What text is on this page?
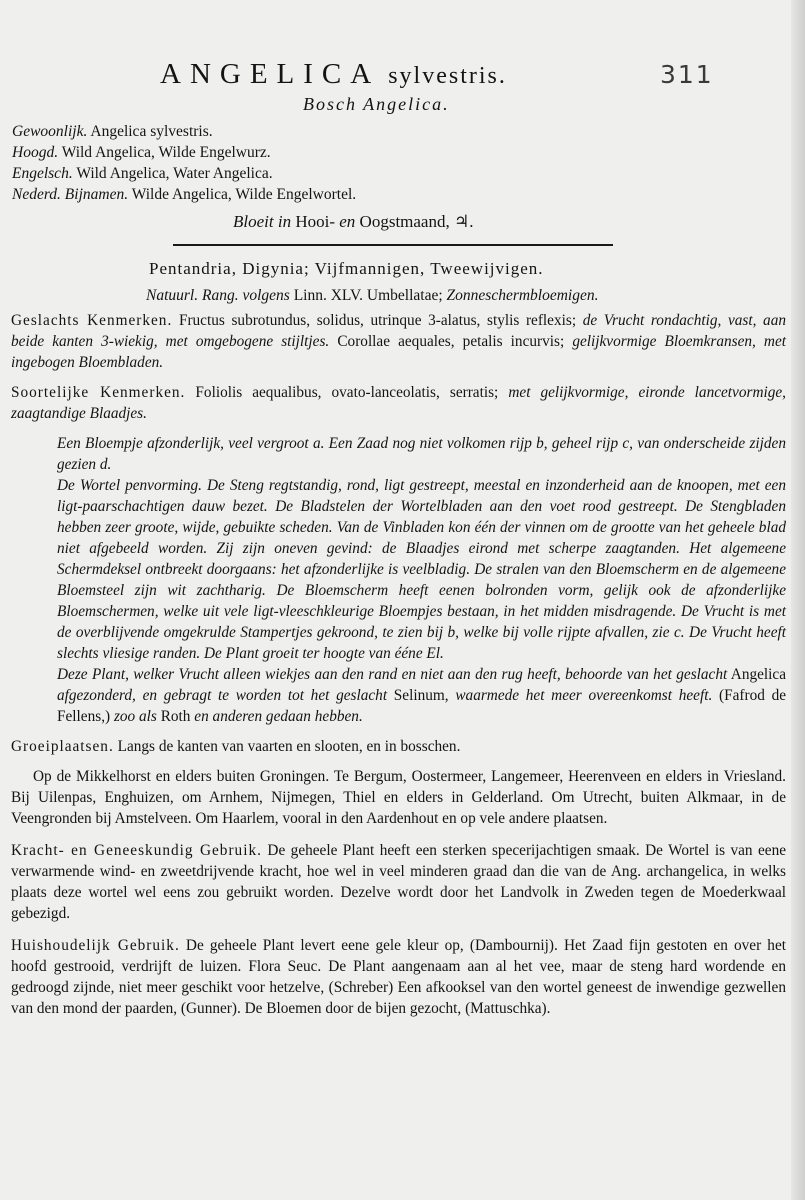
ANGELICA sylvestris.	311
Bosch Angelica.
Gewoonlijk. Angelica sylvestris.
Hoogd. Wild Angelica, Wilde Engelwurz.
Engelsch. Wild Angelica, Water Angelica.
Nederd. Bijnamen. Wilde Angelica, Wilde Engelwortel.
Bloeit in Hooi- en Oogstmaand, ♃.
Pentandria, Digynia; Vijfmannigen, Tweewijvigen.
Natuurl. Rang. volgens Linn. XLV. Umbellatae; Zonneschermbloemigen.

Geslachts Kenmerken. Fructus subrotundus, solidus, utrinque 3-alatus, stylis reflexis; de Vrucht rondachtig, vast, aan beide kanten 3-wiekig, met omgebogene stijltjes. Corollae aequales, petalis incurvis; gelijkvormige Bloemkransen, met ingebogen Bloembladen.

Soortelijke Kenmerken. Foliolis aequalibus, ovato-lanceolatis, serratis; met gelijkvormige, eironde lancetvormige, zaagtandige Blaadjes.

Een Bloempje afzonderlijk, veel vergroot a. Een Zaad nog niet volkomen rijp b, geheel rijp c, van onderscheide zijden gezien d.

De Wortel penvorming. De Steng regtstandig, rond, ligt gestreept, meestal en inzonderheid aan de knoopen, met een ligt-paarschachtigen dauw bezet. De Bladstelen der Wortelbladen aan den voet rood gestreept. De Stengbladen hebben zeer groote, wijde, gebuikte scheden. Van de Vinbladen kon één der vinnen om de grootte van het geheele blad niet afgebeeld worden. Zij zijn oneven gevind: de Blaadjes eirond met scherpe zaagtanden. Het algemeene Schermdeksel ontbreekt doorgaans: het afzonderlijke is veelbladig. De stralen van den Bloemscherm en de algemeene Bloemsteel zijn wit zachtharig. De Bloemscherm heeft eenen bolronden vorm, gelijk ook de afzonderlijke Bloemschermen, welke uit vele ligt-vleeschkleurige Bloempjes bestaan, in het midden misdragende. De Vrucht is met de overblijvende omgekrulde Stampertjes gekroond, te zien bij b, welke bij volle rijpte afvallen, zie c. De Vrucht heeft slechts vliesige randen. De Plant groeit ter hoogte van ééne El.

Deze Plant, welker Vrucht alleen wiekjes aan den rand en niet aan den rug heeft, behoorde van het geslacht Angelica afgezonderd, en gebragt te worden tot het geslacht Selinum, waarmede het meer overeenkomst heeft. (Fafrod de Fellens,) zoo als Roth en anderen gedaan hebben.

Groeiplaatsen. Langs de kanten van vaarten en slooten, en in bosschen.

Op de Mikkelhorst en elders buiten Groningen. Te Bergum, Oostermeer, Langemeer, Heerenveen en elders in Vriesland. Bij Uilenpas, Enghuizen, om Arnhem, Nijmegen, Thiel en elders in Gelderland. Om Utrecht, buiten Alkmaar, in de Veengronden bij Amstelveen. Om Haarlem, vooral in den Aardenhout en op vele andere plaatsen.

Kracht- en Geneeskundig Gebruik. De geheele Plant heeft een sterken specerijachtigen smaak. De Wortel is van eene verwarmende wind- en zweetdrijvende kracht, hoe wel in veel minderen graad dan die van de Ang. archangelica, in welks plaats deze wortel wel eens zou gebruikt worden. Dezelve wordt door het Landvolk in Zweden tegen de Moederkwaal gebezigd.

Huishoudelijk Gebruik. De geheele Plant levert eene gele kleur op, (Dambournij). Het Zaad fijn gestoten en over het hoofd gestrooid, verdrijft de luizen. Flora Seuc. De Plant aangenaam aan al het vee, maar de steng hard wordende en gedroogd zijnde, niet meer geschikt voor hetzelve, (Schreber) Een afkooksel van den wortel geneest de inwendige gezwellen van den mond der paarden, (Gunner). De Bloemen door de bijen gezocht, (Mattuschka).
